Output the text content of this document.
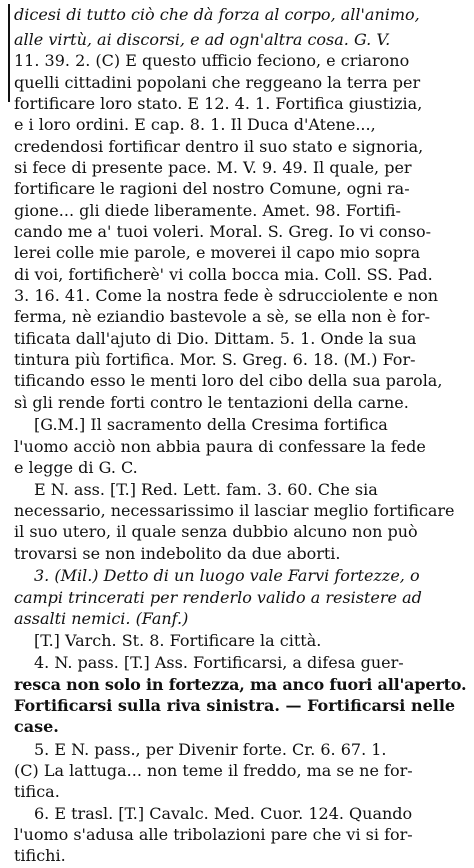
dicesi di tutto ciò che dà forza al corpo, all'animo,
alle virtù, ai discorsi, e ad ogn'altra cosa. G. V.
11. 39. 2. (C) E questo ufficio feciono, e criarono
quelli cittadini popolani che reggeano la terra per
fortificare loro stato. E 12. 4. 1. Fortifica giustizia,
e i loro ordini. E cap. 8. 1. Il Duca d'Atene...,
credendosi fortificar dentro il suo stato e signoria,
si fece di presente pace. M. V. 9. 49. Il quale, per
fortificare le ragioni del nostro Comune, ogni ra-
gione... gli diede liberamente. Amet. 98. Fortifi-
cando me a' tuoi voleri. Moral. S. Greg. Io vi conso-
lerei colle mie parole, e moverei il capo mio sopra
di voi, fortificherè' vi colla bocca mia. Coll. SS. Pad.
3. 16. 41. Come la nostra fede è sdrucciolente e non
ferma, nè eziandio bastevole a sè, se ella non è for-
tificata dall'ajuto di Dio. Dittam. 5. 1. Onde la sua
tintura più fortifica. Mor. S. Greg. 6. 18. (M.) For-
tificando esso le menti loro del cibo della sua parola,
sì gli rende forti contro le tentazioni della carne.
[G.M.] Il sacramento della Cresima fortifica
l'uomo acciò non abbia paura di confessare la fede
e legge di G. C.
E N. ass. [T.] Red. Lett. fam. 3. 60. Che sia
necessario, necessarissimo il lasciar meglio fortificare
il suo utero, il quale senza dubbio alcuno non può
trovarsi se non indebolito da due aborti.
3. (Mil.) Detto di un luogo vale Farvi fortezze, o
campi trincerati per renderlo valido a resistere ad
assalti nemici. (Fanf.)
[T.] Varch. St. 8. Fortificare la città.
4. N. pass. [T.] Ass. Fortificarsi, a difesa guer-
resca non solo in fortezza, ma anco fuori all'aperto.
Fortificarsi sulla riva sinistra. — Fortificarsi nelle
case.
5. E N. pass., per Divenir forte. Cr. 6. 67. 1.
(C) La lattuga... non teme il freddo, ma se ne for-
tifica.
6. E trasl. [T.] Cavalc. Med. Cuor. 124. Quando
l'uomo s'adusa alle tribolazioni pare che vi si for-
tifichi.
